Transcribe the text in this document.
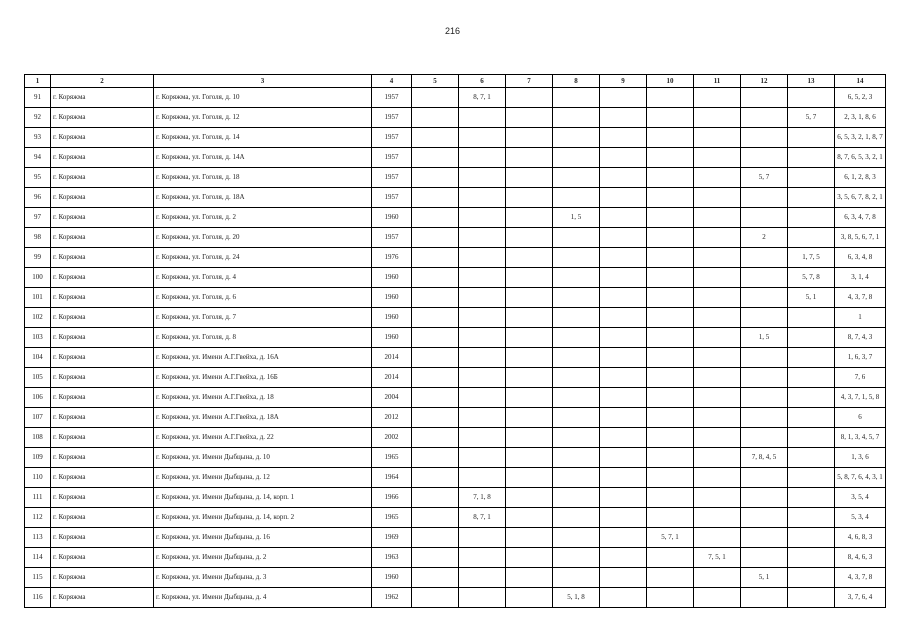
216
1	2	3	4	5	6	7	8	9	10	11	12	13	14
91	г. Коряжма	г. Коряжма, ул. Гоголя, д. 10	1957		8, 7, 1								6, 5, 2, 3
92	г. Коряжма	г. Коряжма, ул. Гоголя, д. 12	1957									5, 7	2, 3, 1, 8, 6
93	г. Коряжма	г. Коряжма, ул. Гоголя, д. 14	1957										6, 5, 3, 2, 1, 8, 7
94	г. Коряжма	г. Коряжма, ул. Гоголя, д. 14А	1957										8, 7, 6, 5, 3, 2, 1
95	г. Коряжма	г. Коряжма, ул. Гоголя, д. 18	1957								5, 7		6, 1, 2, 8, 3
96	г. Коряжма	г. Коряжма, ул. Гоголя, д. 18А	1957										3, 5, 6, 7, 8, 2, 1
97	г. Коряжма	г. Коряжма, ул. Гоголя, д. 2	1960				1, 5						6, 3, 4, 7, 8
98	г. Коряжма	г. Коряжма, ул. Гоголя, д. 20	1957								2		3, 8, 5, 6, 7, 1
99	г. Коряжма	г. Коряжма, ул. Гоголя, д. 24	1976									1, 7, 5	6, 3, 4, 8
100	г. Коряжма	г. Коряжма, ул. Гоголя, д. 4	1960									5, 7, 8	3, 1, 4
101	г. Коряжма	г. Коряжма, ул. Гоголя, д. 6	1960									5, 1	4, 3, 7, 8
102	г. Коряжма	г. Коряжма, ул. Гоголя, д. 7	1960										1
103	г. Коряжма	г. Коряжма, ул. Гоголя, д. 8	1960								1, 5		8, 7, 4, 3
104	г. Коряжма	г. Коряжма, ул. Имени А.Г.Гвейха, д. 16А	2014										1, 6, 3, 7
105	г. Коряжма	г. Коряжма, ул. Имени А.Г.Гвейха, д. 16Б	2014										7, 6
106	г. Коряжма	г. Коряжма, ул. Имени А.Г.Гвейха, д. 18	2004										4, 3, 7, 1, 5, 8
107	г. Коряжма	г. Коряжма, ул. Имени А.Г.Гвейха, д. 18А	2012										6
108	г. Коряжма	г. Коряжма, ул. Имени А.Г.Гвейха, д. 22	2002										8, 1, 3, 4, 5, 7
109	г. Коряжма	г. Коряжма, ул. Имени Дыбцына, д. 10	1965								7, 8, 4, 5		1, 3, 6
110	г. Коряжма	г. Коряжма, ул. Имени Дыбцына, д. 12	1964										5, 8, 7, 6, 4, 3, 1
111	г. Коряжма	г. Коряжма, ул. Имени Дыбцына, д. 14, корп. 1	1966		7, 1, 8								3, 5, 4
112	г. Коряжма	г. Коряжма, ул. Имени Дыбцына, д. 14, корп. 2	1965		8, 7, 1								5, 3, 4
113	г. Коряжма	г. Коряжма, ул. Имени Дыбцына, д. 16	1969						5, 7, 1				4, 6, 8, 3
114	г. Коряжма	г. Коряжма, ул. Имени Дыбцына, д. 2	1963							7, 5, 1			8, 4, 6, 3
115	г. Коряжма	г. Коряжма, ул. Имени Дыбцына, д. 3	1960								5, 1		4, 3, 7, 8
116	г. Коряжма	г. Коряжма, ул. Имени Дыбцына, д. 4	1962				5, 1, 8						3, 7, 6, 4
